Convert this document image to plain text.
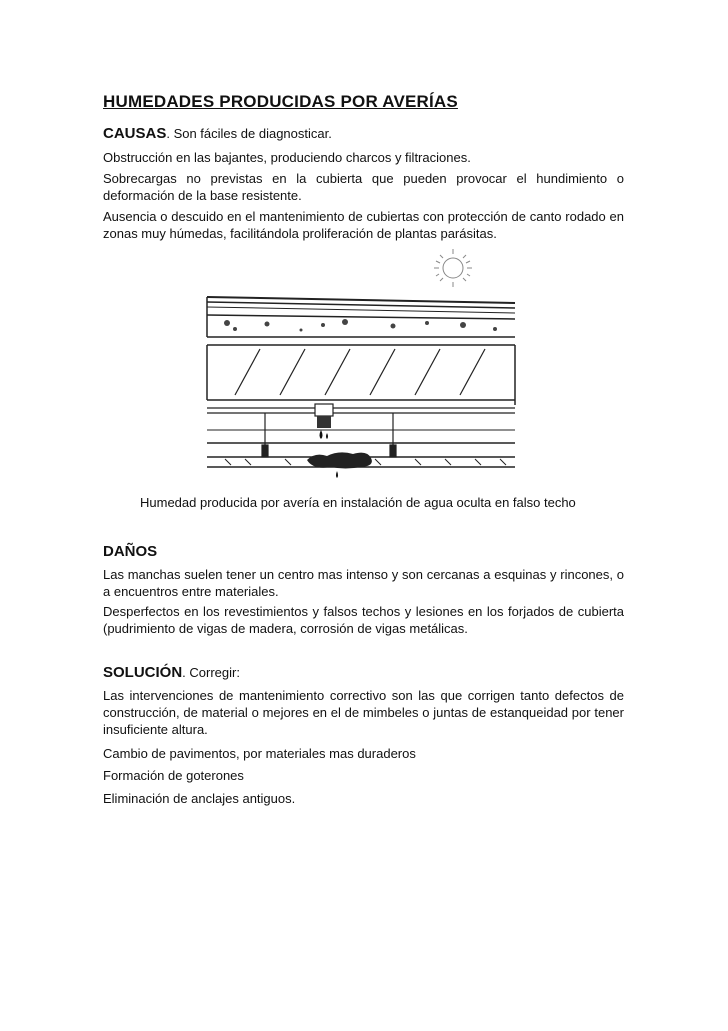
HUMEDADES PRODUCIDAS POR AVERÍAS

CAUSAS. Son fáciles de diagnosticar.

Obstrucción en las bajantes, produciendo charcos y filtraciones.

Sobrecargas no previstas en la cubierta que pueden provocar el hundimiento o deformación de la base resistente.

Ausencia o descuido en el mantenimiento de cubiertas con protección de canto rodado en zonas muy húmedas, facilitándola proliferación de plantas parásitas.

Humedad producida por avería en instalación de agua oculta en falso techo

DAÑOS

Las manchas suelen tener un centro mas intenso y son cercanas a esquinas y rincones, o a encuentros entre materiales.

Desperfectos en los revestimientos y falsos techos y lesiones en los forjados de cubierta (pudrimiento de vigas de madera, corrosión de vigas metálicas.

SOLUCIÓN. Corregir:

Las intervenciones de mantenimiento correctivo son las que corrigen tanto defectos de construcción, de material o mejores en el de mimbeles o juntas de estanqueidad por tener insuficiente altura.

Cambio de pavimentos, por materiales mas duraderos

Formación de goterones

Eliminación de anclajes antiguos.
